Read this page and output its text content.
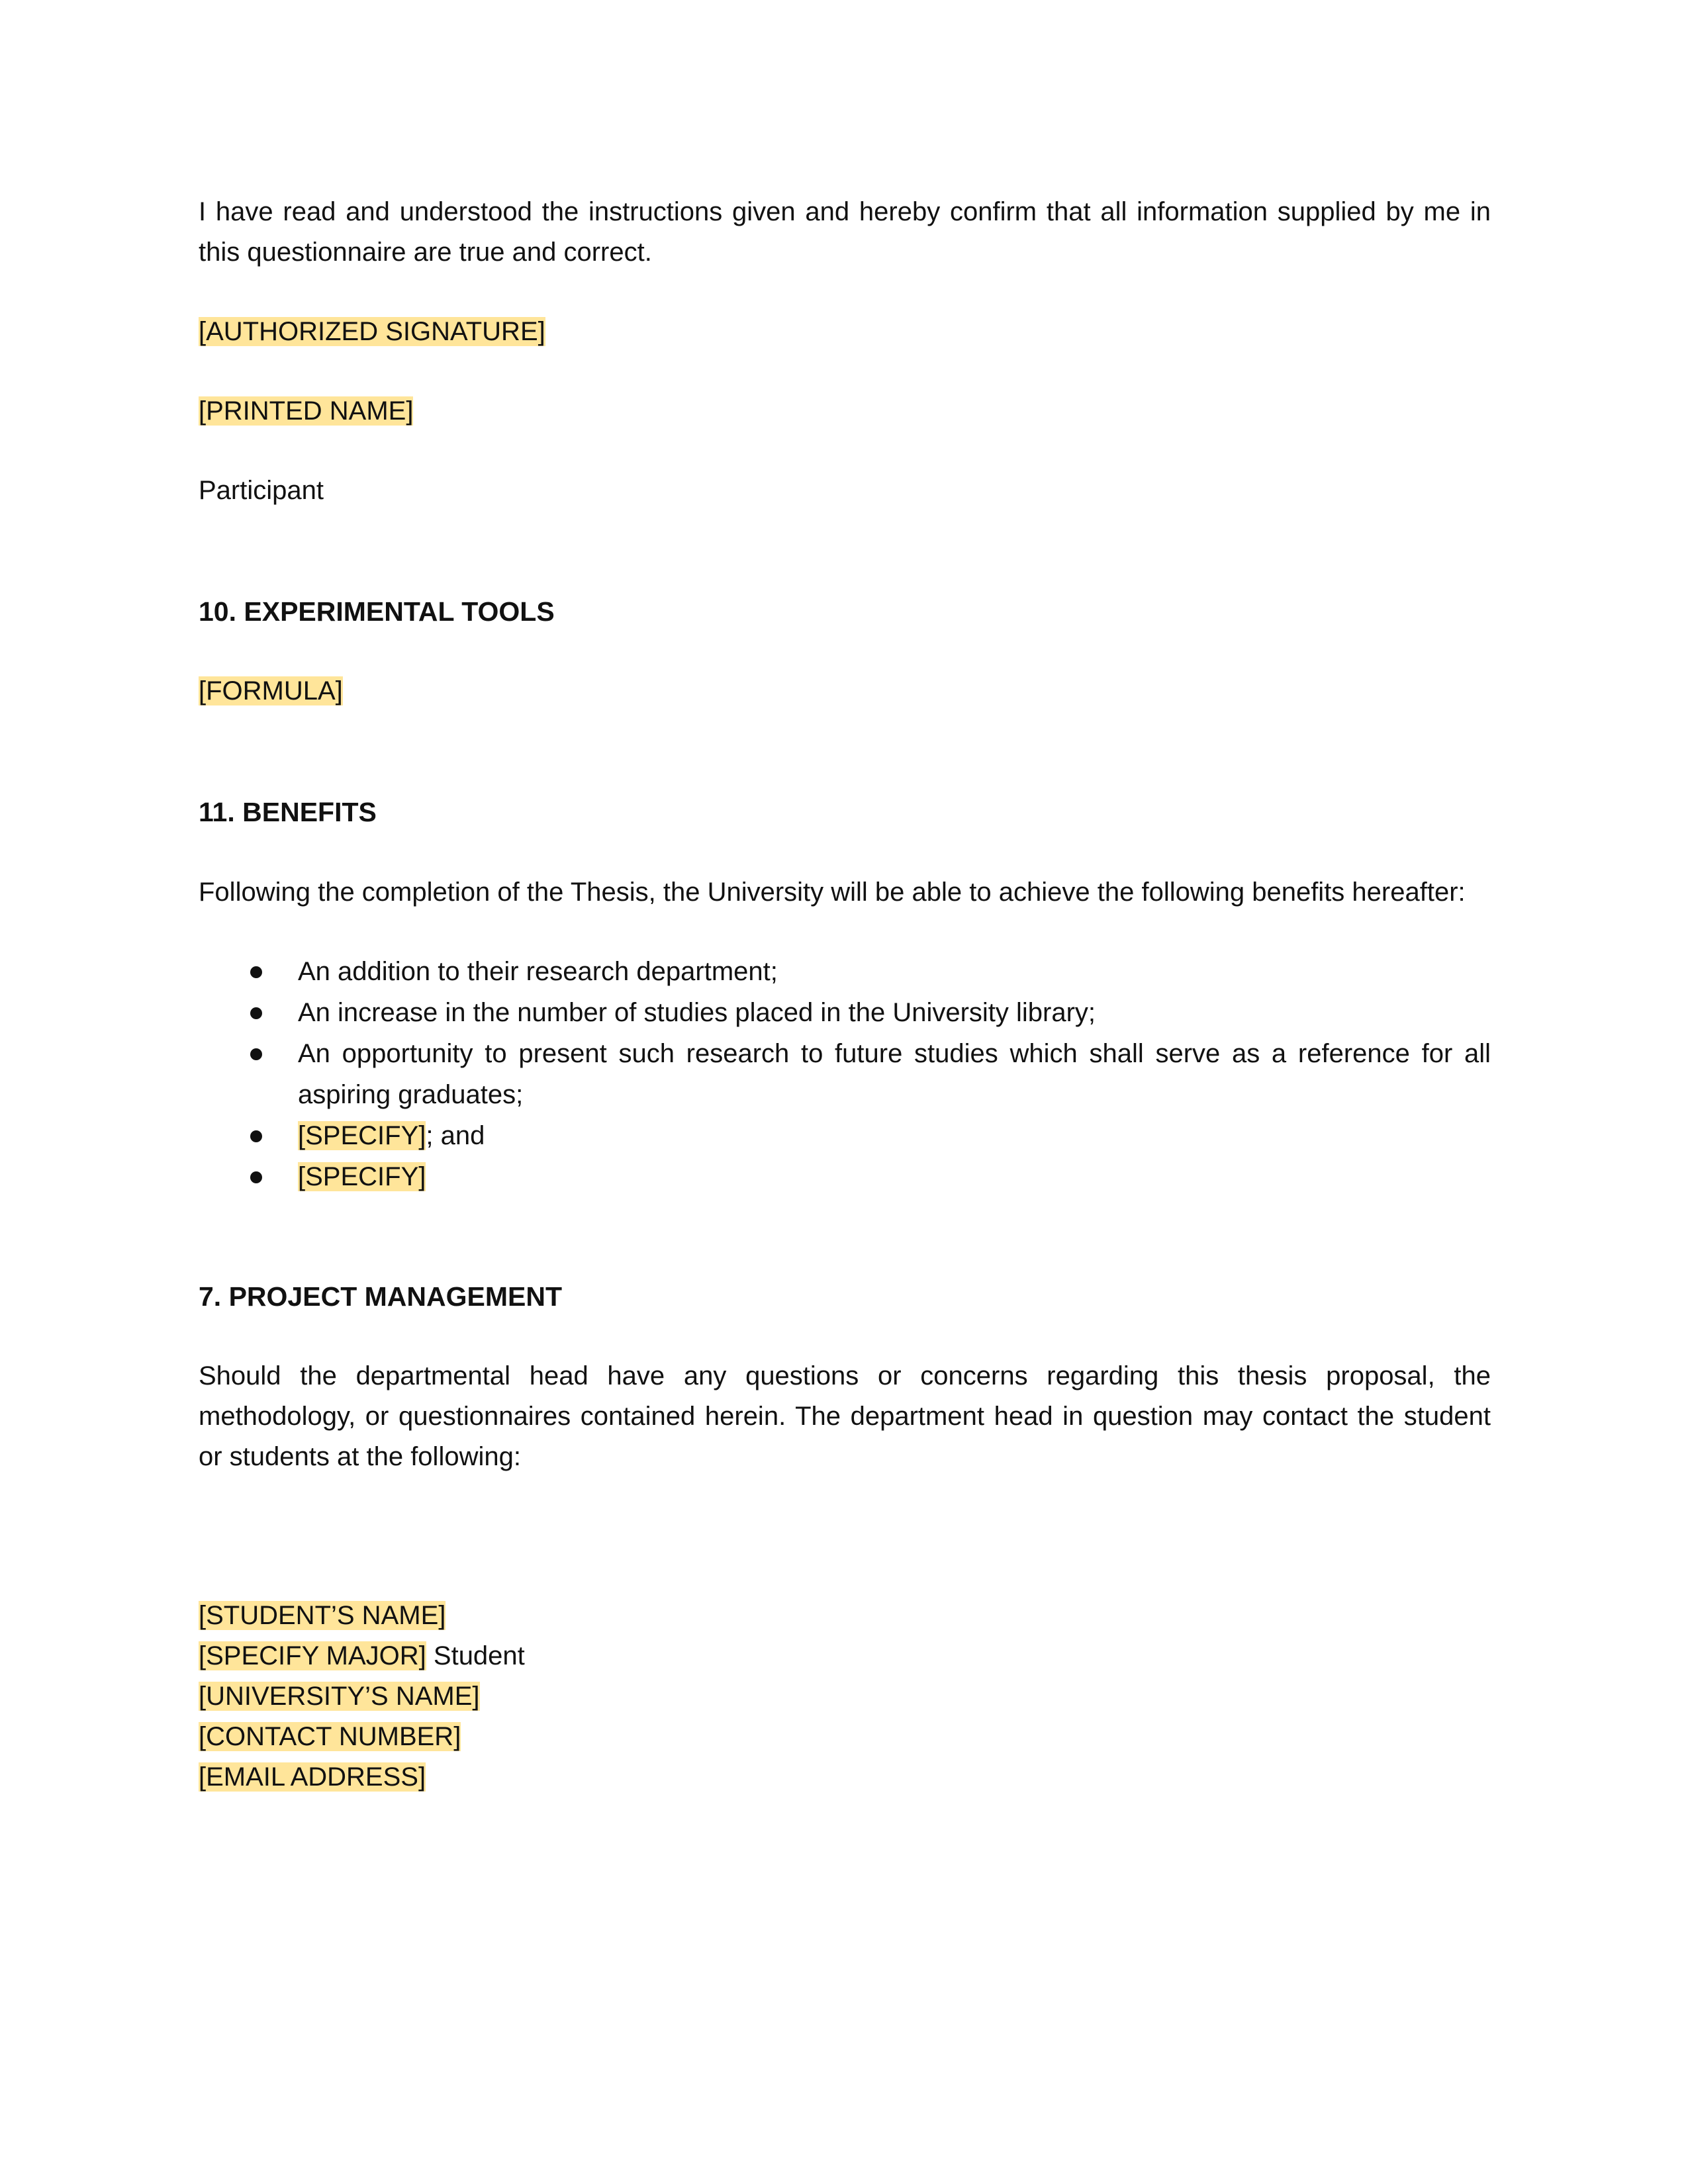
I have read and understood the instructions given and hereby confirm that all information supplied by me in this questionnaire are true and correct.

[AUTHORIZED SIGNATURE]

[PRINTED NAME]

Participant

10. EXPERIMENTAL TOOLS

[FORMULA]

11. BENEFITS

Following the completion of the Thesis, the University will be able to achieve the following benefits hereafter:

An addition to their research department;
An increase in the number of studies placed in the University library;
An opportunity to present such research to future studies which shall serve as a reference for all aspiring graduates;
[SPECIFY]; and
[SPECIFY]
7. PROJECT MANAGEMENT

Should the departmental head have any questions or concerns regarding this thesis proposal, the methodology, or questionnaires contained herein. The department head in question may contact the student or students at the following:

[STUDENT’S NAME]

[SPECIFY MAJOR] Student

[UNIVERSITY’S NAME]

[CONTACT NUMBER]

[EMAIL ADDRESS]
